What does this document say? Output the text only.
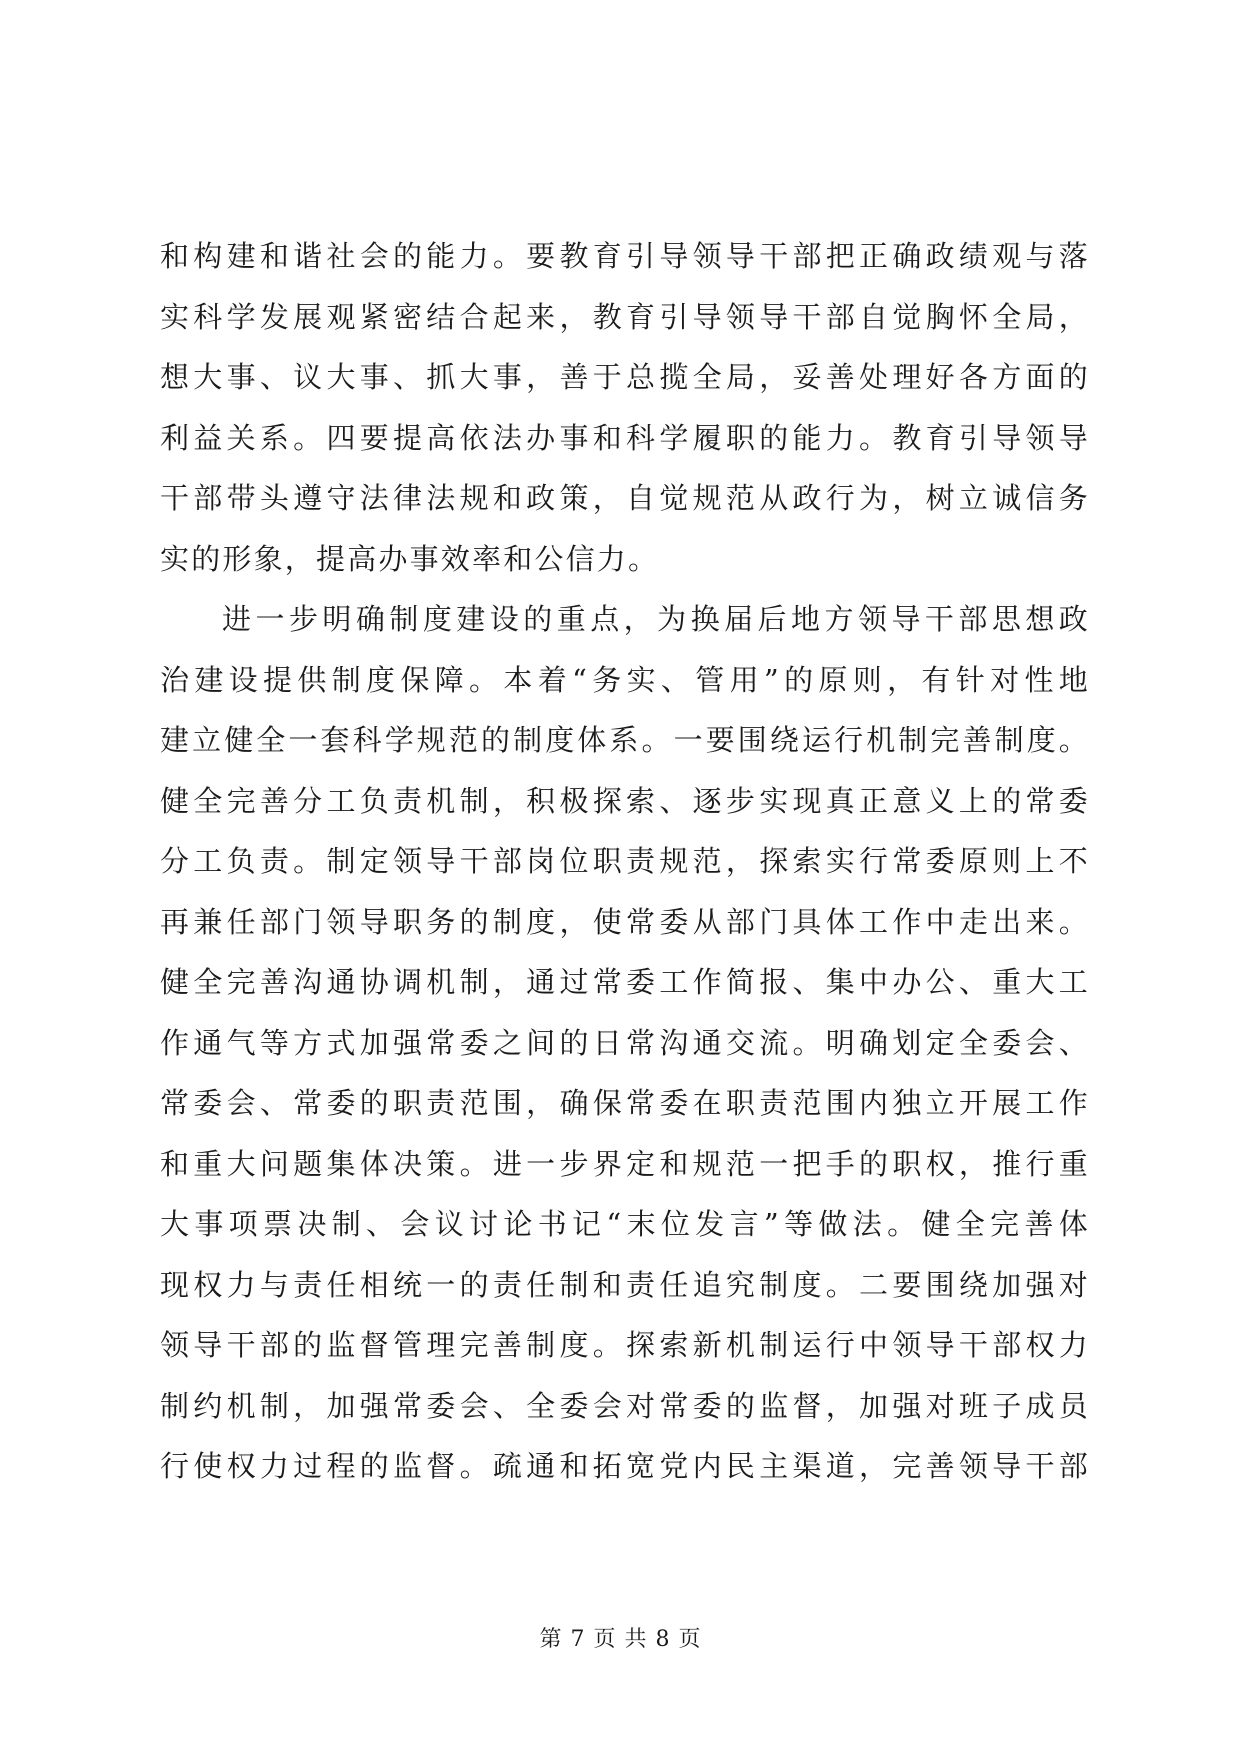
和构建和谐社会的能力。要教育引导领导干部把正确政绩观与落
实科学发展观紧密结合起来，教育引导领导干部自觉胸怀全局，
想大事、议大事、抓大事，善于总揽全局，妥善处理好各方面的
利益关系。四要提高依法办事和科学履职的能力。教育引导领导
干部带头遵守法律法规和政策，自觉规范从政行为，树立诚信务
实的形象，提高办事效率和公信力。
进一步明确制度建设的重点，为换届后地方领导干部思想政
治建设提供制度保障。本着“务实、管用”的原则，有针对性地
建立健全一套科学规范的制度体系。一要围绕运行机制完善制度。
健全完善分工负责机制，积极探索、逐步实现真正意义上的常委
分工负责。制定领导干部岗位职责规范，探索实行常委原则上不
再兼任部门领导职务的制度，使常委从部门具体工作中走出来。
健全完善沟通协调机制，通过常委工作简报、集中办公、重大工
作通气等方式加强常委之间的日常沟通交流。明确划定全委会、
常委会、常委的职责范围，确保常委在职责范围内独立开展工作
和重大问题集体决策。进一步界定和规范一把手的职权，推行重
大事项票决制、会议讨论书记“末位发言”等做法。健全完善体
现权力与责任相统一的责任制和责任追究制度。二要围绕加强对
领导干部的监督管理完善制度。探索新机制运行中领导干部权力
制约机制，加强常委会、全委会对常委的监督，加强对班子成员
行使权力过程的监督。疏通和拓宽党内民主渠道，完善领导干部
第 7 页 共 8 页
